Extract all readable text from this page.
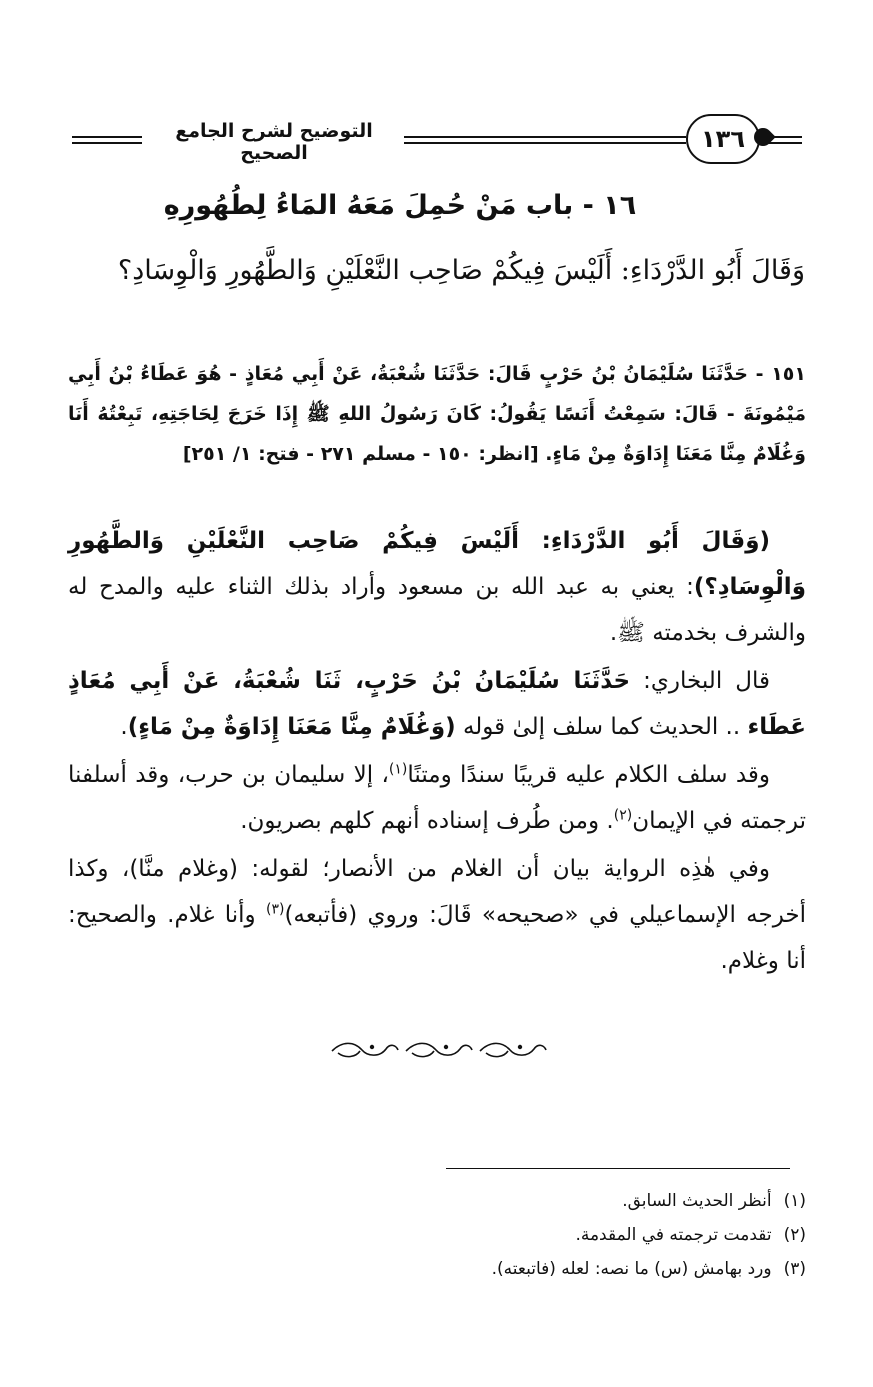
التوضيح لشرح الجامع الصحيح	١٣٦
١٦ - باب مَنْ حُمِلَ مَعَهُ المَاءُ لِطُهُورِهِ
وَقَالَ أَبُو الدَّرْدَاءِ: أَلَيْسَ فِيكُمْ صَاحِب النَّعْلَيْنِ وَالطَّهُورِ وَالْوِسَادِ؟
١٥١ - حَدَّثَنَا سُلَيْمَانُ بْنُ حَرْبٍ قَالَ: حَدَّثَنَا شُعْبَةُ، عَنْ أَبِي مُعَاذٍ - هُوَ عَطَاءُ بْنُ أَبِي مَيْمُونَةَ - قَالَ: سَمِعْتُ أَنَسًا يَقُولُ: كَانَ رَسُولُ اللهِ ﷺ إِذَا خَرَجَ لِحَاجَتِهِ، تَبِعْتُهُ أَنَا وَغُلَامٌ مِنَّا مَعَنَا إِدَاوَةٌ مِنْ مَاءٍ. [انظر: ١٥٠ - مسلم ٢٧١ - فتح: ١/ ٢٥١]

(وَقَالَ أَبُو الدَّرْدَاءِ: أَلَيْسَ فِيكُمْ صَاحِب النَّعْلَيْنِ وَالطَّهُورِ وَالْوِسَادِ؟): يعني به عبد الله بن مسعود وأراد بذلك الثناء عليه والمدح له والشرف بخدمته ﷺ.

قال البخاري: حَدَّثَنَا سُلَيْمَانُ بْنُ حَرْبٍ، ثَنَا شُعْبَةُ، عَنْ أَبِي مُعَاذٍ عَطَاء .. الحديث كما سلف إلىٰ قوله (وَغُلَامٌ مِنَّا مَعَنَا إِدَاوَةٌ مِنْ مَاءٍ).

وقد سلف الكلام عليه قريبًا سندًا ومتنًا$^{(١)}$، إلا سليمان بن حرب، وقد أسلفنا ترجمته في الإيمان$^{(٢)}$. ومن طُرف إسناده أنهم كلهم بصريون.

وفي هٰذِه الرواية بيان أن الغلام من الأنصار؛ لقوله: (وغلام منَّا)، وكذا أخرجه الإسماعيلي في «صحيحه» قَالَ: وروي (فأتبعه)$^{(٣)}$ وأنا غلام. والصحيح: أنا وغلام.

(١)أنظر الحديث السابق.
(٢)تقدمت ترجمته في المقدمة.
(٣)ورد بهامش (س) ما نصه: لعله (فاتبعته).
